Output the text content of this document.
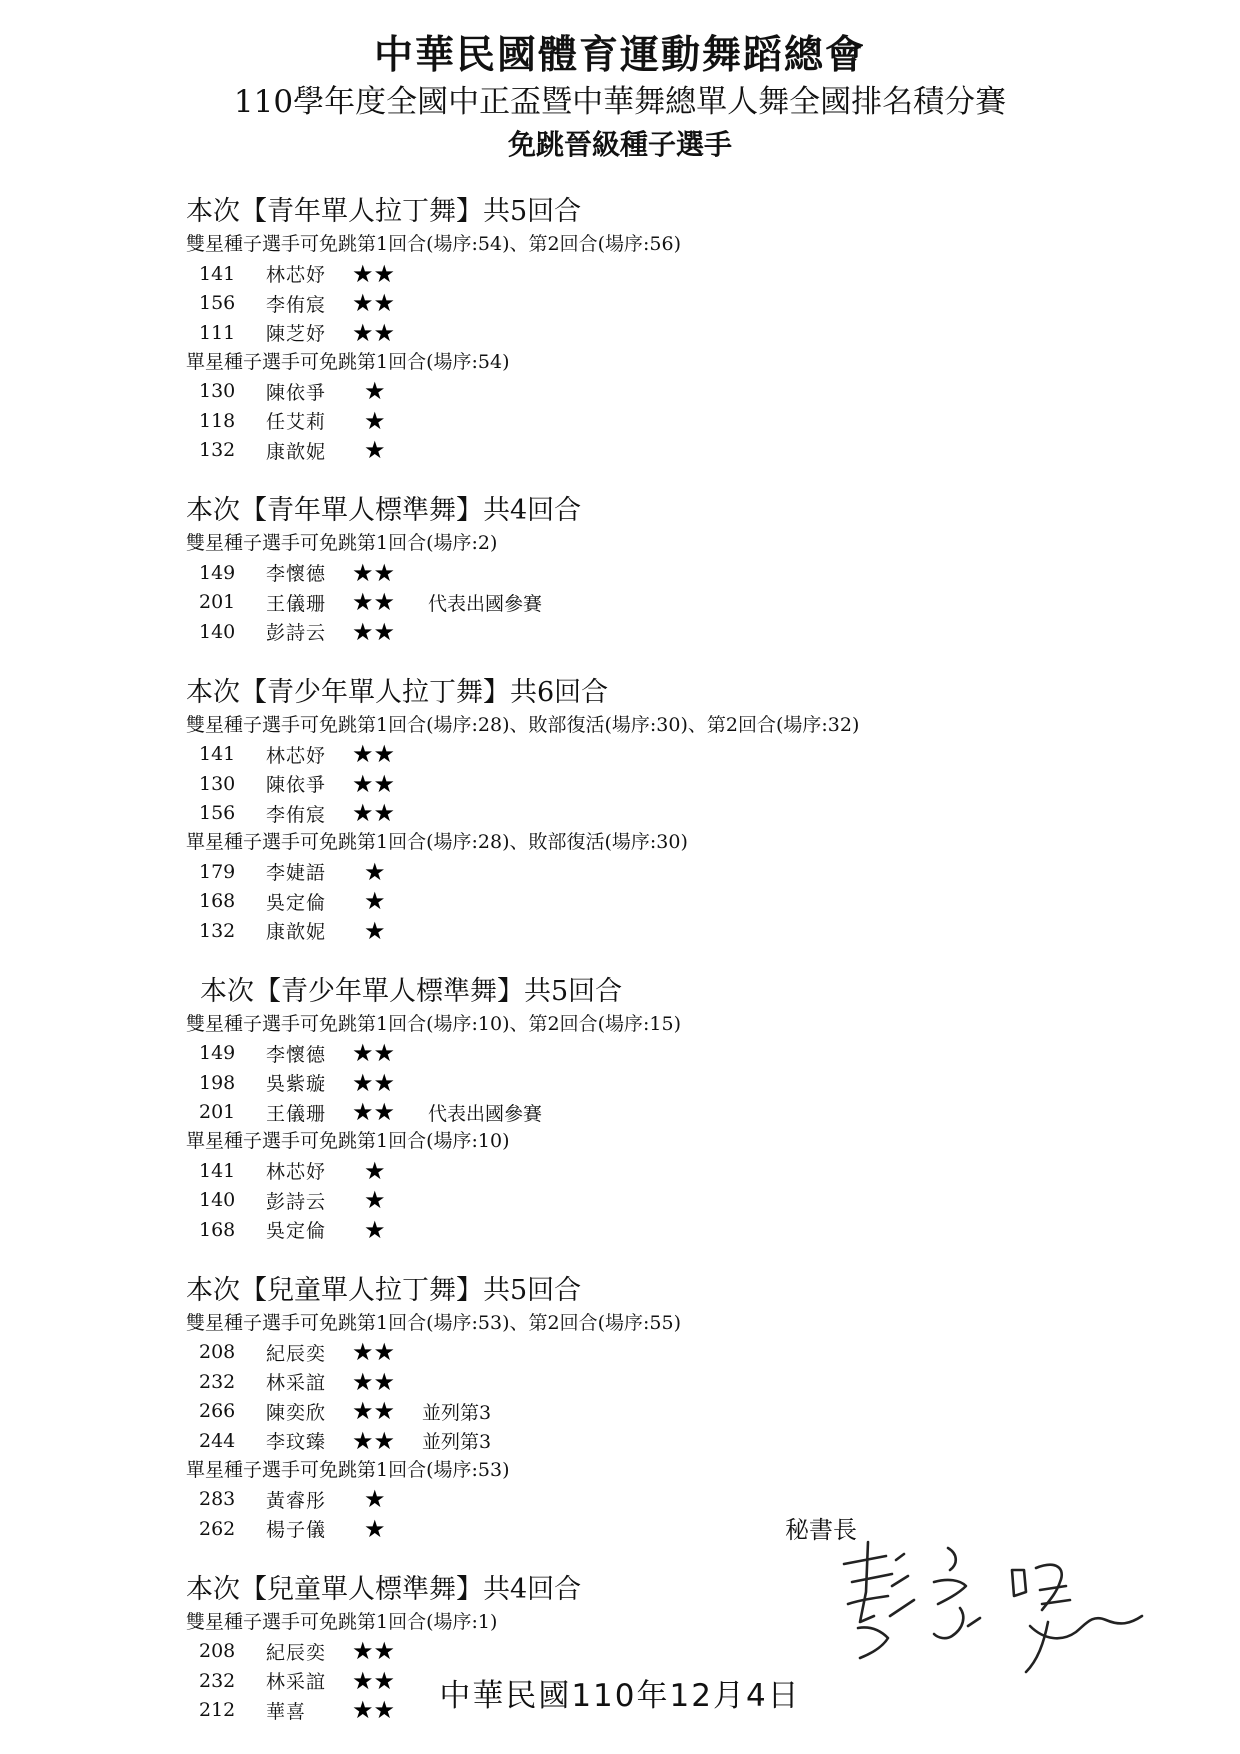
中華民國體育運動舞蹈總會
110學年度全國中正盃暨中華舞總單人舞全國排名積分賽
免跳晉級種子選手
本次【青年單人拉丁舞】共5回合
雙星種子選手可免跳第1回合(場序:54)、第2回合(場序:56)
141	林芯妤	★★
156	李侑宸	★★
111	陳芝妤	★★
單星種子選手可免跳第1回合(場序:54)
130	陳依爭	★
118	任艾莉	★
132	康歆妮	★
本次【青年單人標準舞】共4回合
雙星種子選手可免跳第1回合(場序:2)
149	李懷德	★★
201	王儀珊	★★	代表出國參賽
140	彭詩云	★★
本次【青少年單人拉丁舞】共6回合
雙星種子選手可免跳第1回合(場序:28)、敗部復活(場序:30)、第2回合(場序:32)
141	林芯妤	★★
130	陳依爭	★★
156	李侑宸	★★
單星種子選手可免跳第1回合(場序:28)、敗部復活(場序:30)
179	李婕語	★
168	吳定倫	★
132	康歆妮	★
本次【青少年單人標準舞】共5回合
雙星種子選手可免跳第1回合(場序:10)、第2回合(場序:15)
149	李懷德	★★
198	吳紫璇	★★
201	王儀珊	★★	代表出國參賽
單星種子選手可免跳第1回合(場序:10)
141	林芯妤	★
140	彭詩云	★
168	吳定倫	★
本次【兒童單人拉丁舞】共5回合
雙星種子選手可免跳第1回合(場序:53)、第2回合(場序:55)
208	紀辰奕	★★
232	林采誼	★★
266	陳奕欣	★★	並列第3
244	李玟臻	★★	並列第3
單星種子選手可免跳第1回合(場序:53)
283	黃睿彤	★
262	楊子儀	★
本次【兒童單人標準舞】共4回合
雙星種子選手可免跳第1回合(場序:1)
208	紀辰奕	★★
232	林采誼	★★
212	華喜	★★
秘書長
中華民國110年12月4日
